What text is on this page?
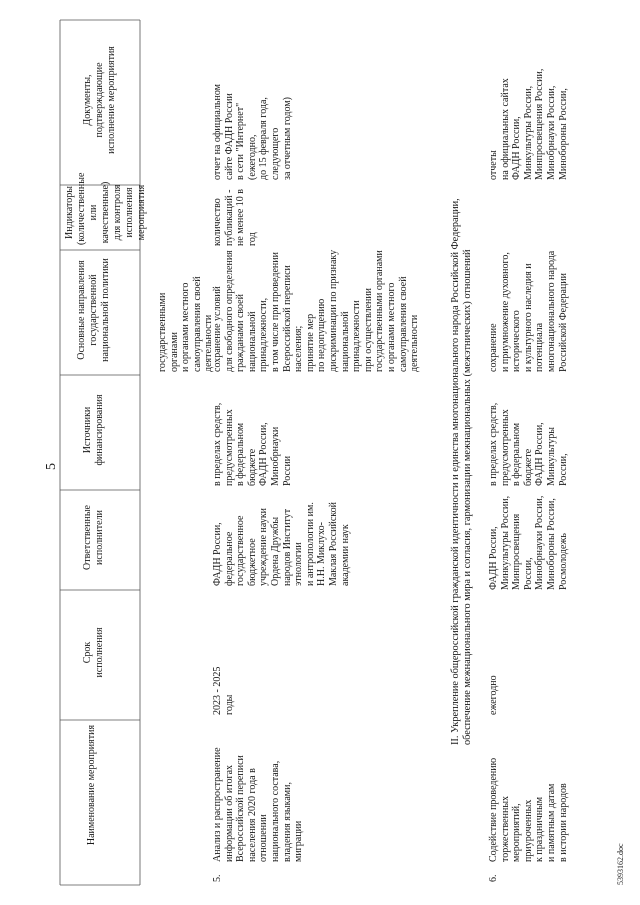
Наименование мероприятия
Срок
исполнения
Ответственные
исполнители
Источники
финансирования
Основные направления
государственной
национальной политики
Индикаторы
(количественные
или качественные)
для контроля
исполнения
мероприятия
Документы,
подтверждающие
исполнение мероприятия
5
государственными органами
и органами местного
самоуправления своей
деятельности
5.
Анализ и распространение
информации об итогах
Всероссийской переписи
населения 2020 года в
отношении
национального состава,
владения языками,
миграции
2023 - 2025
годы
ФАДН России,
федеральное
государственное
бюджетное
учреждение науки
Ордена Дружбы
народов Институт
этнологии
и антропологии им.
Н.Н. Миклухо-
Маклая Российской
академии наук
в пределах средств,
предусмотренных
в федеральном
бюджете
ФАДН России,
Минобрнауки
России
сохранение условий
для свободного определения
гражданами своей
национальной
принадлежности,
в том числе при проведении
Всероссийской переписи
населения;
принятие мер
по недопущению
дискриминации по признаку
национальной
принадлежности
при осуществлении
государственными органами
и органами местного
самоуправления своей
деятельности
количество
публикаций -
не менее 10 в год
отчет на официальном
сайте ФАДН России
в сети "Интернет"
(ежегодно,
до 15 февраля года,
следующего
за отчетным годом)
II. Укрепление общероссийской гражданской идентичности и единства многонационального народа Российской Федерации,
обеспечение межнационального мира и согласия, гармонизации межнациональных (межэтнических) отношений
6.
Содействие проведению
торжественных
мероприятий,
приуроченных
к праздничным
и памятным датам
в истории народов
ежегодно
ФАДН России,
Минкультуры России,
Минпросвещения
России,
Минобрнауки России,
Минобороны России,
Росмолодежь
в пределах средств,
предусмотренных
в федеральном
бюджете
ФАДН России,
Минкультуры
России,
сохранение
и приумножение духовного,
исторического
и культурного наследия и
потенциала
многонационального народа
Российской Федерации
отчеты
на официальных сайтах
ФАДН России,
Минкультуры России,
Минпросвещения России,
Минобрнауки России,
Минобороны России,
5393162.doc
